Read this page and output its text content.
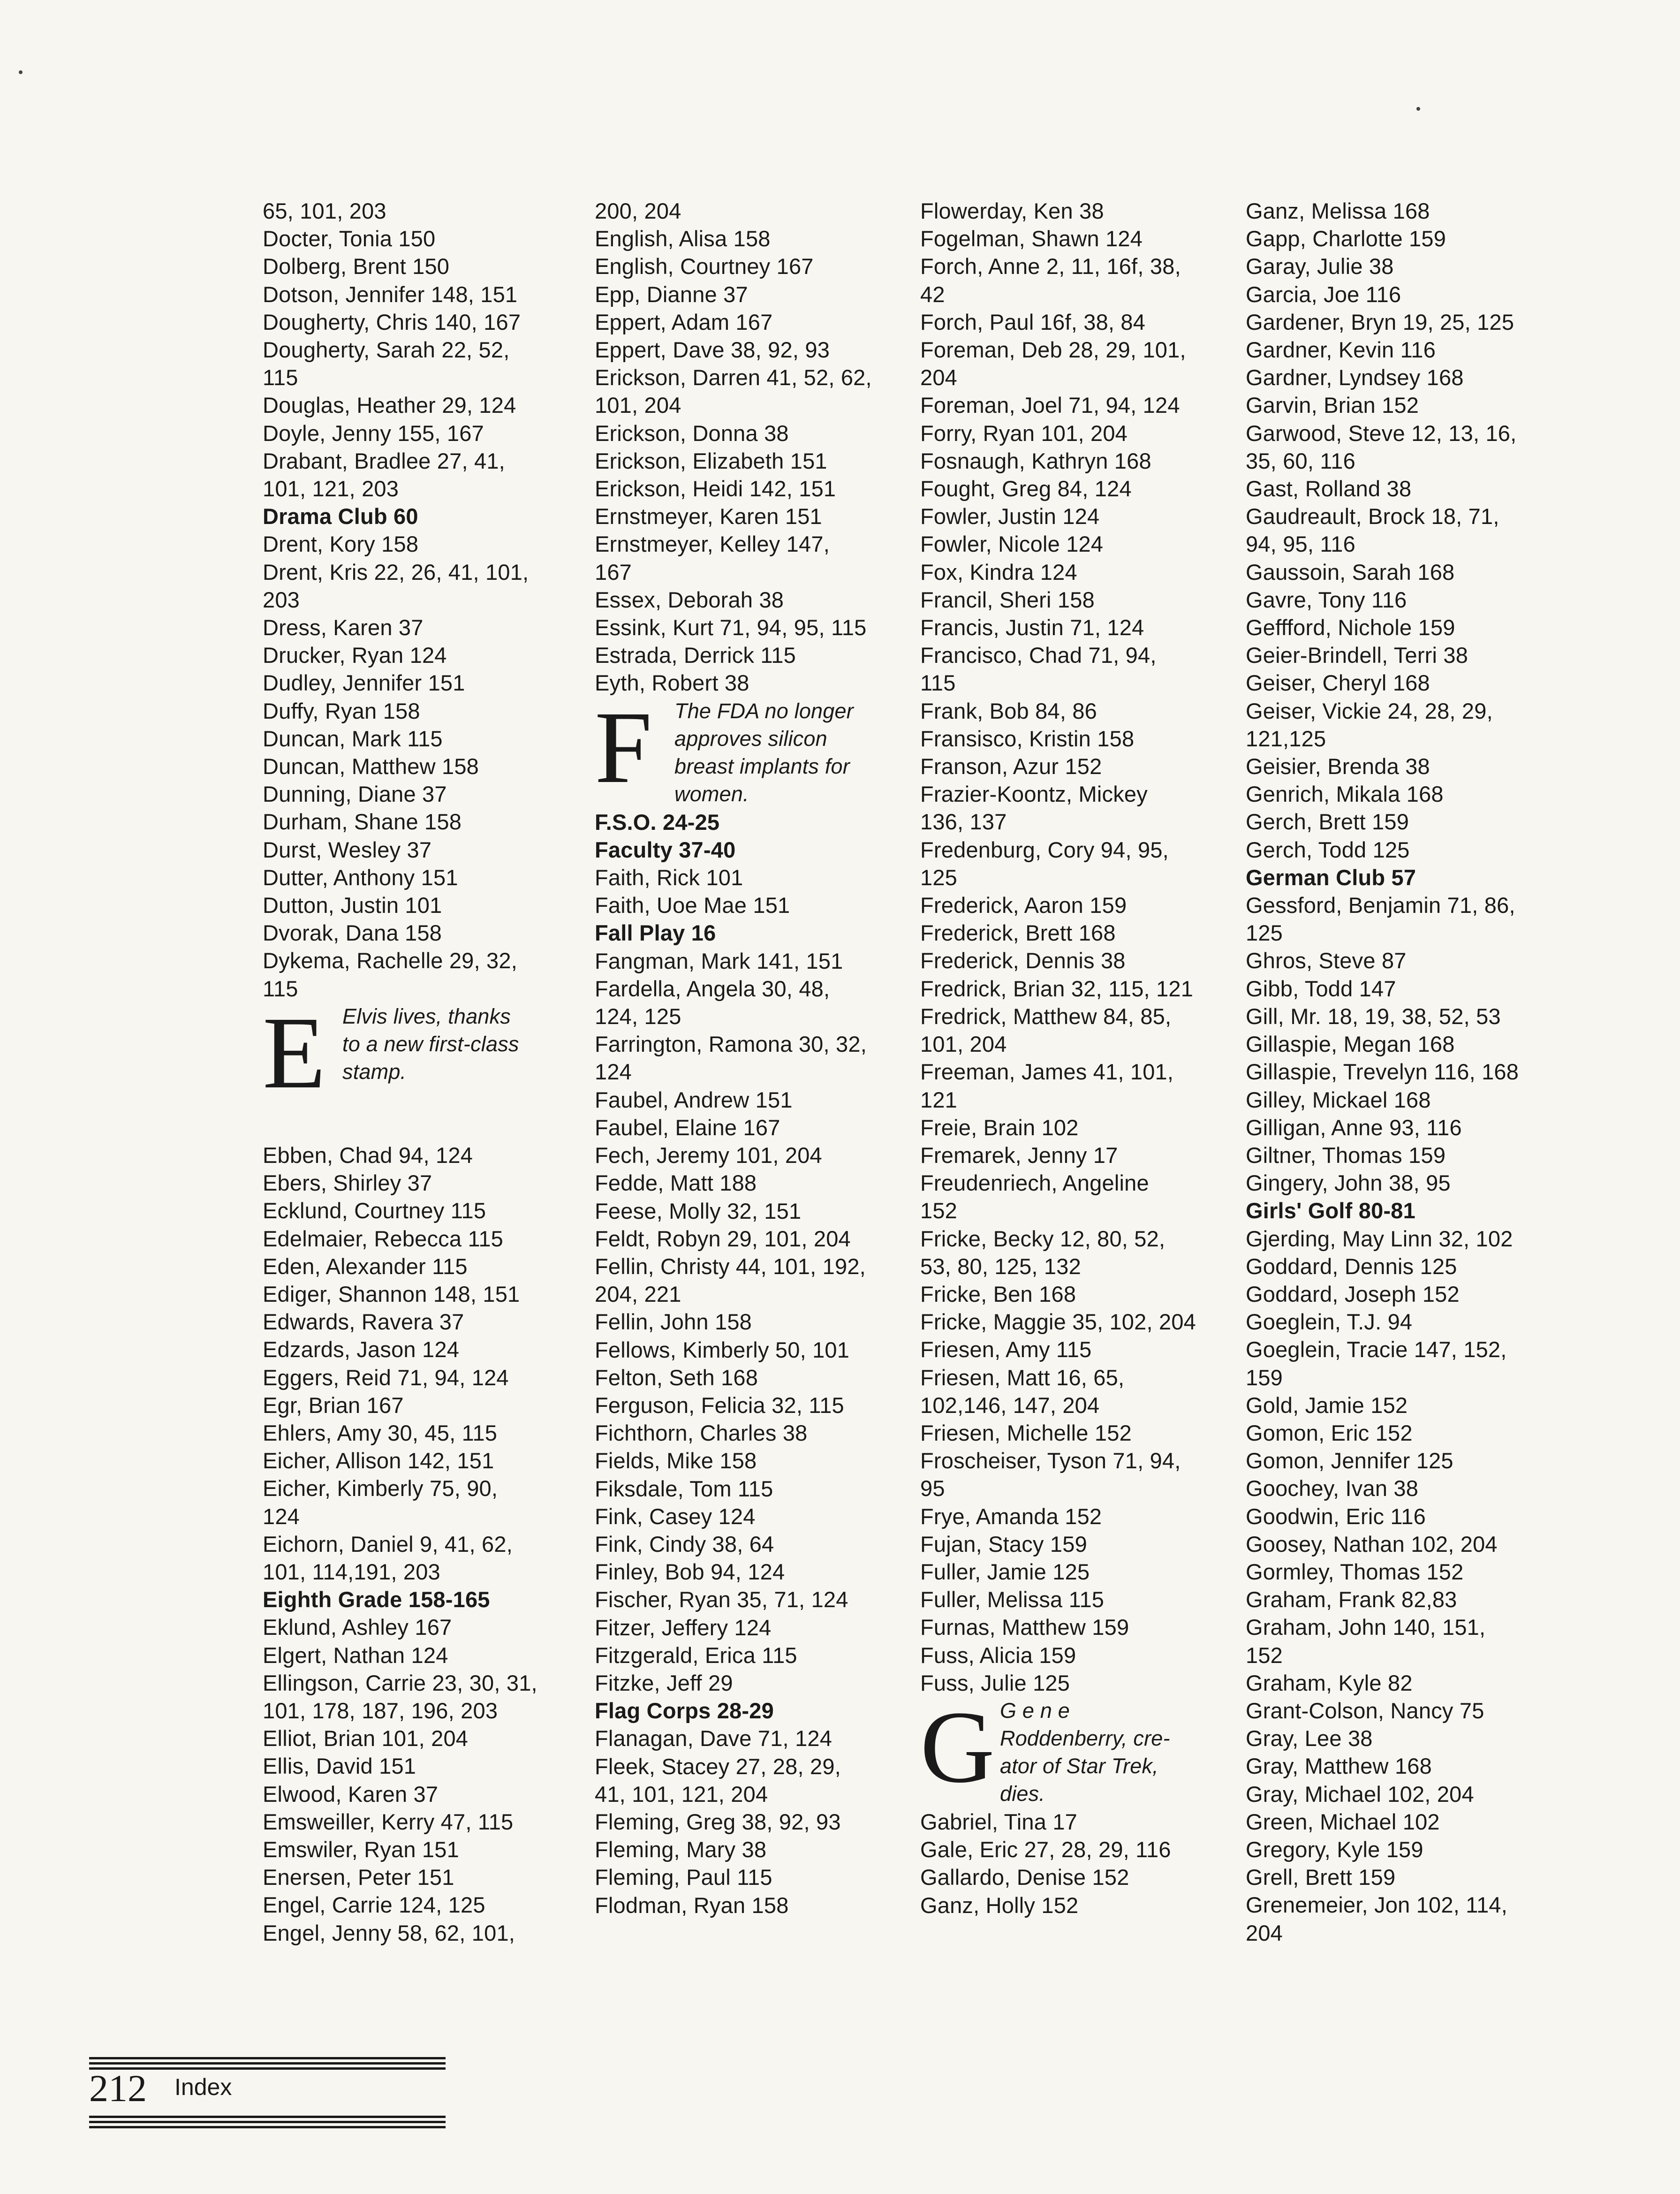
65, 101, 203
Docter, Tonia 150
Dolberg, Brent 150
Dotson, Jennifer 148, 151
Dougherty, Chris 140, 167
Dougherty, Sarah 22, 52,
115
Douglas, Heather 29, 124
Doyle, Jenny 155, 167
Drabant, Bradlee 27, 41,
101, 121, 203
Drama Club 60
Drent, Kory 158
Drent, Kris 22, 26, 41, 101,
203
Dress, Karen 37
Drucker, Ryan 124
Dudley, Jennifer 151
Duffy, Ryan 158
Duncan, Mark 115
Duncan, Matthew 158
Dunning, Diane 37
Durham, Shane 158
Durst, Wesley 37
Dutter, Anthony 151
Dutton, Justin 101
Dvorak, Dana 158
Dykema, Rachelle 29, 32,
115
E Elvis lives, thanks
to a new first-class
stamp.
Ebben, Chad 94, 124
Ebers, Shirley 37
Ecklund, Courtney 115
Edelmaier, Rebecca 115
Eden, Alexander 115
Ediger, Shannon 148, 151
Edwards, Ravera 37
Edzards, Jason 124
Eggers, Reid 71, 94, 124
Egr, Brian 167
Ehlers, Amy 30, 45, 115
Eicher, Allison 142, 151
Eicher, Kimberly 75, 90,
124
Eichorn, Daniel 9, 41, 62,
101, 114,191, 203
Eighth Grade 158-165
Eklund, Ashley 167
Elgert, Nathan 124
Ellingson, Carrie 23, 30, 31,
101, 178, 187, 196, 203
Elliot, Brian 101, 204
Ellis, David 151
Elwood, Karen 37
Emsweiller, Kerry 47, 115
Emswiler, Ryan 151
Enersen, Peter 151
Engel, Carrie 124, 125
Engel, Jenny 58, 62, 101,
200, 204
English, Alisa 158
English, Courtney 167
Epp, Dianne 37
Eppert, Adam 167
Eppert, Dave 38, 92, 93
Erickson, Darren 41, 52, 62,
101, 204
Erickson, Donna 38
Erickson, Elizabeth 151
Erickson, Heidi 142, 151
Ernstmeyer, Karen 151
Ernstmeyer, Kelley 147,
167
Essex, Deborah 38
Essink, Kurt 71, 94, 95, 115
Estrada, Derrick 115
Eyth, Robert 38
F	The FDA no longer
approves silicon
breast implants for
women.
F.S.O. 24-25
Faculty 37-40
Faith, Rick 101
Faith, Uoe Mae 151
Fall Play 16
Fangman, Mark 141, 151
Fardella, Angela 30, 48,
124, 125
Farrington, Ramona 30, 32,
124
Faubel, Andrew 151
Faubel, Elaine 167
Fech, Jeremy 101, 204
Fedde, Matt 188
Feese, Molly 32, 151
Feldt, Robyn 29, 101, 204
Fellin, Christy 44, 101, 192,
204, 221
Fellin, John 158
Fellows, Kimberly 50, 101
Felton, Seth 168
Ferguson, Felicia 32, 115
Fichthorn, Charles 38
Fields, Mike 158
Fiksdale, Tom 115
Fink, Casey 124
Fink, Cindy 38, 64
Finley, Bob 94, 124
Fischer, Ryan 35, 71, 124
Fitzer, Jeffery 124
Fitzgerald, Erica 115
Fitzke, Jeff 29
Flag Corps 28-29
Flanagan, Dave 71, 124
Fleek, Stacey 27, 28, 29,
41, 101, 121, 204
Fleming, Greg 38, 92, 93
Fleming, Mary 38
Fleming, Paul 115
Flodman, Ryan 158
Flowerday, Ken 38
Fogelman, Shawn 124
Forch, Anne 2, 11, 16f, 38,
42
Forch, Paul 16f, 38, 84
Foreman, Deb 28, 29, 101,
204
Foreman, Joel 71, 94, 124
Forry, Ryan 101, 204
Fosnaugh, Kathryn 168
Fought, Greg 84, 124
Fowler, Justin 124
Fowler, Nicole 124
Fox, Kindra 124
Francil, Sheri 158
Francis, Justin 71, 124
Francisco, Chad 71, 94,
115
Frank, Bob 84, 86
Fransisco, Kristin 158
Franson, Azur 152
Frazier-Koontz, Mickey
136, 137
Fredenburg, Cory 94, 95,
125
Frederick, Aaron 159
Frederick, Brett 168
Frederick, Dennis 38
Fredrick, Brian 32, 115, 121
Fredrick, Matthew 84, 85,
101, 204
Freeman, James 41, 101,
121
Freie, Brain 102
Fremarek, Jenny 17
Freudenriech, Angeline
152
Fricke, Becky 12, 80, 52,
53, 80, 125, 132
Fricke, Ben 168
Fricke, Maggie 35, 102, 204
Friesen, Amy 115
Friesen, Matt 16, 65,
102,146, 147, 204
Friesen, Michelle 152
Froscheiser, Tyson 71, 94,
95
Frye, Amanda 152
Fujan, Stacy 159
Fuller, Jamie 125
Fuller, Melissa 115
Furnas, Matthew 159
Fuss, Alicia 159
Fuss, Julie 125
G G e n e
Roddenberry, cre-
ator of Star Trek,
dies.
Gabriel, Tina 17
Gale, Eric 27, 28, 29, 116
Gallardo, Denise 152
Ganz, Holly 152
Ganz, Melissa 168
Gapp, Charlotte 159
Garay, Julie 38
Garcia, Joe 116
Gardener, Bryn 19, 25, 125
Gardner, Kevin 116
Gardner, Lyndsey 168
Garvin, Brian 152
Garwood, Steve 12, 13, 16,
35, 60, 116
Gast, Rolland 38
Gaudreault, Brock 18, 71,
94, 95, 116
Gaussoin, Sarah 168
Gavre, Tony 116
Geffford, Nichole 159
Geier-Brindell, Terri 38
Geiser, Cheryl 168
Geiser, Vickie 24, 28, 29,
121,125
Geisier, Brenda 38
Genrich, Mikala 168
Gerch, Brett 159
Gerch, Todd 125
German Club 57
Gessford, Benjamin 71, 86,
125
Ghros, Steve 87
Gibb, Todd 147
Gill, Mr. 18, 19, 38, 52, 53
Gillaspie, Megan 168
Gillaspie, Trevelyn 116, 168
Gilley, Mickael 168
Gilligan, Anne 93, 116
Giltner, Thomas 159
Gingery, John 38, 95
Girls' Golf 80-81
Gjerding, May Linn 32, 102
Goddard, Dennis 125
Goddard, Joseph 152
Goeglein, T.J. 94
Goeglein, Tracie 147, 152,
159
Gold, Jamie 152
Gomon, Eric 152
Gomon, Jennifer 125
Goochey, Ivan 38
Goodwin, Eric 116
Goosey, Nathan 102, 204
Gormley, Thomas 152
Graham, Frank 82,83
Graham, John 140, 151,
152
Graham, Kyle 82
Grant-Colson, Nancy 75
Gray, Lee 38
Gray, Matthew 168
Gray, Michael 102, 204
Green, Michael 102
Gregory, Kyle 159
Grell, Brett 159
Grenemeier, Jon 102, 114,
204
212 Index
